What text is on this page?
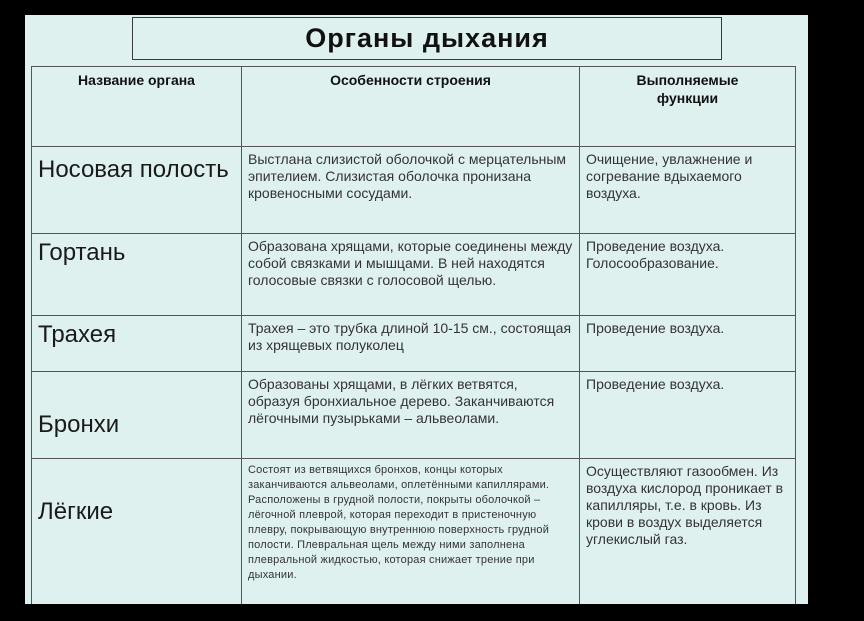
Органы дыхания
Название органа	Особенности строения	Выполняемые функции
Носовая полость	Выстлана слизистой оболочкой с мерцательным эпителием. Слизистая оболочка пронизана кровеносными сосудами.	Очищение, увлажнение и согревание вдыхаемого воздуха.
Гортань	Образована хрящами, которые соединены между собой связками и мышцами. В ней находятся голосовые связки с голосовой щелью.	Проведение воздуха. Голосообразование.
Трахея	Трахея – это трубка длиной 10-15 см., состоящая из хрящевых полуколец	Проведение воздуха.
Бронхи	Образованы хрящами, в лёгких ветвятся, образуя бронхиальное дерево. Заканчиваются лёгочными пузырьками – альвеолами.	Проведение воздуха.
Лёгкие	Состоят из ветвящихся бронхов, концы которых заканчиваются альвеолами, оплетёнными капиллярами. Расположены в грудной полости, покрыты оболочкой – лёгочной плеврой, которая переходит в пристеночную плевру, покрывающую внутреннюю поверхность грудной полости. Плевральная щель между ними заполнена плевральной жидкостью, которая снижает трение при дыхании.	Осуществляют газообмен. Из воздуха кислород проникает в капилляры, т.е. в кровь. Из крови в воздух выделяется углекислый газ.
